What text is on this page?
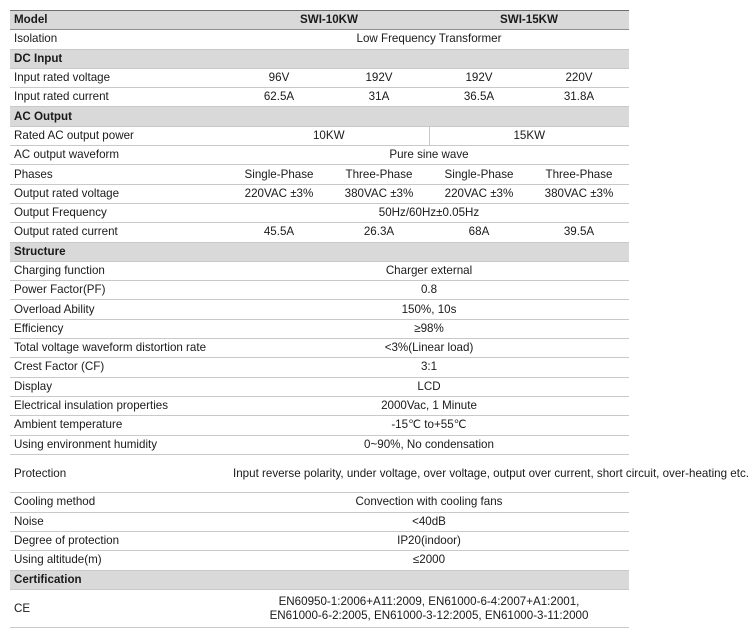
Model	SWI-10KW		SWI-15KW	
Isolation	Low Frequency Transformer			
DC Input				
Input rated voltage	96V	192V	192V	220V
Input rated current	62.5A	31A	36.5A	31.8A
AC Output				
Rated AC output power	10KW		15KW	
AC output waveform	Pure sine wave			
Phases	Single-Phase	Three-Phase	Single-Phase	Three-Phase
Output rated voltage	220VAC ±3%	380VAC ±3%	220VAC ±3%	380VAC ±3%
Output Frequency	50Hz/60Hz±0.05Hz			
Output rated current	45.5A	26.3A	68A	39.5A
Structure				
Charging function	Charger external			
Power Factor(PF)	0.8			
Overload Ability	150%, 10s			
Efficiency	≥98%			
Total voltage waveform distortion rate	<3%(Linear load)			
Crest Factor (CF)	3:1			
Display	LCD			
Electrical insulation properties	2000Vac, 1 Minute			
Ambient temperature	-15℃ to+55℃			
Using environment humidity	0~90%, No condensation			
Protection	Input reverse polarity, under voltage, over voltage, output over current, short circuit, over-heating etc.			
Cooling method	Convection with cooling fans			
Noise	<40dB			
Degree of protection	IP20(indoor)			
Using altitude(m)	≤2000			
Certification				
CE	EN60950-1:2006+A11:2009, EN61000-6-4:2007+A1:2001,
EN61000-6-2:2005, EN61000-3-12:2005, EN61000-3-11:2000			
